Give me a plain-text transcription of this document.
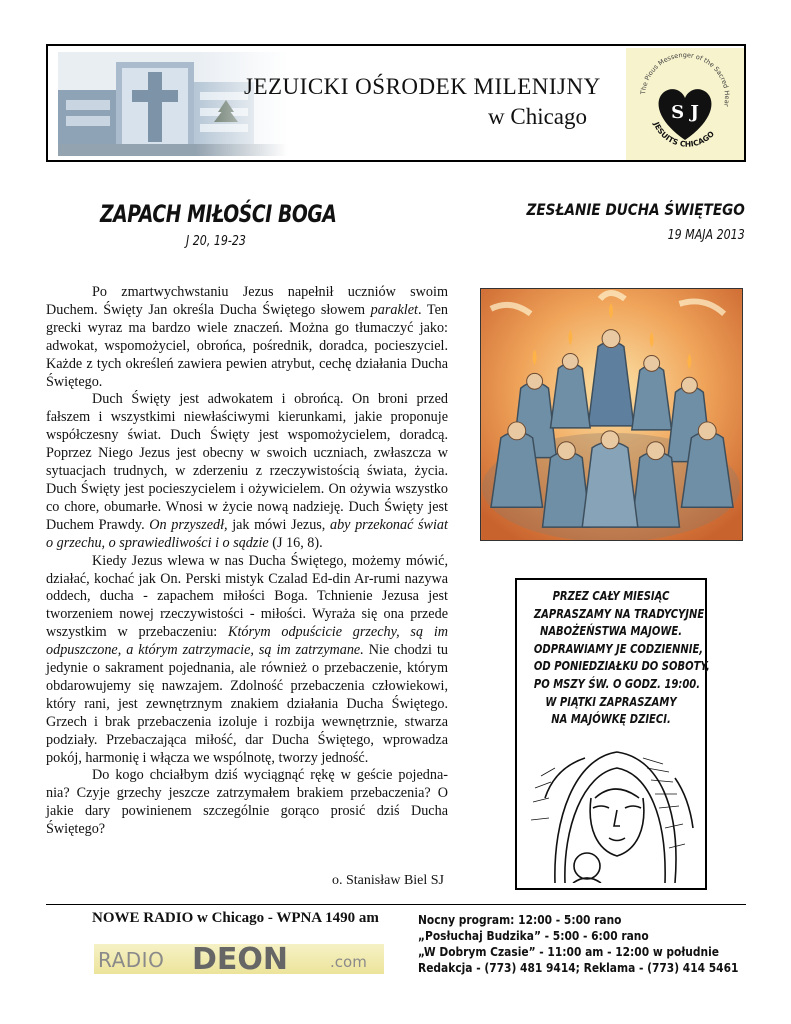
JEZUICKI OŚRODEK MILENIJNY
w Chicago
The Pious Messenger of the Sacred Hear
S J
JESUITS CHICAGO
ZAPACH MIŁOŚCI BOGA
J 20, 19-23
ZESŁANIE DUCHA ŚWIĘTEGO
19 MAJA 2013

Po zmartwychwstaniu Jezus napełnił uczniów swoim Duchem. Święty Jan określa Ducha Świętego słowem paraklet. Ten grecki wyraz ma bardzo wiele znaczeń. Można go tłumaczyć jako: adwokat, wspomożyciel, obrońca, pośrednik, doradca, pocieszyciel. Każde z tych określeń zawiera pewien atrybut, cechę działania Ducha Świętego.

Duch Święty jest adwokatem i obrońcą. On broni przed fałszem i wszystkimi niewłaściwymi kierunkami, jakie proponuje współczesny świat. Duch Święty jest wspomożycielem, doradcą. Poprzez Niego Jezus jest obecny w swoich uczniach, zwłaszcza w sytuacjach trudnych, w zderzeniu z rzeczywistością świata, życia. Duch Święty jest pocieszycielem i ożywicielem. On ożywia wszystko co chore, obumarłe. Wnosi w życie nową nadzieję. Duch Święty jest Duchem Prawdy. On przyszedł, jak mówi Jezus, aby przekonać świat o grzechu, o sprawiedliwości i o sądzie (J 16, 8).

Kiedy Jezus wlewa w nas Ducha Świętego, możemy mówić, działać, kochać jak On. Perski mistyk Czalad Ed-din Ar-rumi nazywa oddech, ducha - zapachem miłości Boga. Tchnienie Jezusa jest tworzeniem nowej rzeczywistości - miłości. Wyraża się ona przede wszystkim w przebaczeniu: Którym odpuścicie grzechy, są im odpuszczone, a którym zatrzymacie, są im zatrzymane. Nie chodzi tu jedynie o sakrament pojednania, ale również o przebaczenie, którym obdarowujemy się nawzajem. Zdolność przebaczenia człowiekowi, który rani, jest zewnętrznym znakiem działania Ducha Świętego. Grzech i brak przebaczenia izoluje i rozbija wewnętrznie, stwarza podziały. Przebaczająca miłość, dar Ducha Świętego, wprowadza pokój, harmonię i włącza we wspólnotę, tworzy jedność.

Do kogo chciałbym dziś wyciągnąć rękę w geście pojedna-nia? Czyje grzechy jeszcze zatrzymałem brakiem przebaczenia? O jakie dary powinienem szczególnie gorąco prosić dziś Ducha Świętego?

o. Stanisław Biel SJ
PRZEZ CAŁY MIESIĄC
ZAPRASZAMY NA TRADYCYJNE
NABOŻEŃSTWA MAJOWE.
ODPRAWIAMY JE CODZIENNIE,
OD PONIEDZIAŁKU DO SOBOTY,
PO MSZY ŚW. O GODZ. 19:00.
W PIĄTKI ZAPRASZAMY
NA MAJÓWKĘ DZIECI.
NOWE RADIO w Chicago - WPNA 1490 am
RADIO DEON	.com
Nocny program: 12:00 - 5:00 rano
„Posłuchaj Budzika” - 5:00 - 6:00 rano
„W Dobrym Czasie” - 11:00 am - 12:00 w południe
Redakcja - (773) 481 9414; Reklama - (773) 414 5461
